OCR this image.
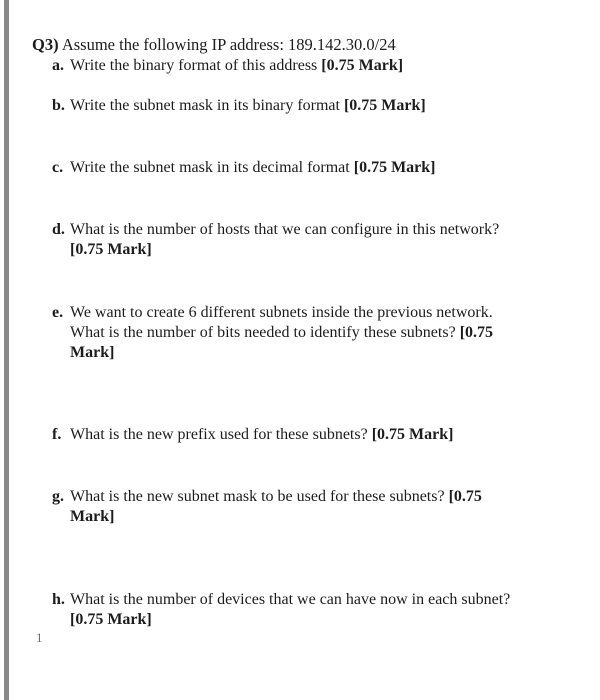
Q3) Assume the following IP address: 189.142.30.0/24
a. Write the binary format of this address [0.75 Mark]
b. Write the subnet mask in its binary format [0.75 Mark]
c. Write the subnet mask in its decimal format [0.75 Mark]
d. What is the number of hosts that we can configure in this network?
[0.75 Mark]
e. We want to create 6 different subnets inside the previous network.
What is the number of bits needed to identify these subnets? [0.75
Mark]
f. What is the new prefix used for these subnets? [0.75 Mark]
g. What is the new subnet mask to be used for these subnets? [0.75
Mark]
h. What is the number of devices that we can have now in each subnet?
[0.75 Mark]
1
